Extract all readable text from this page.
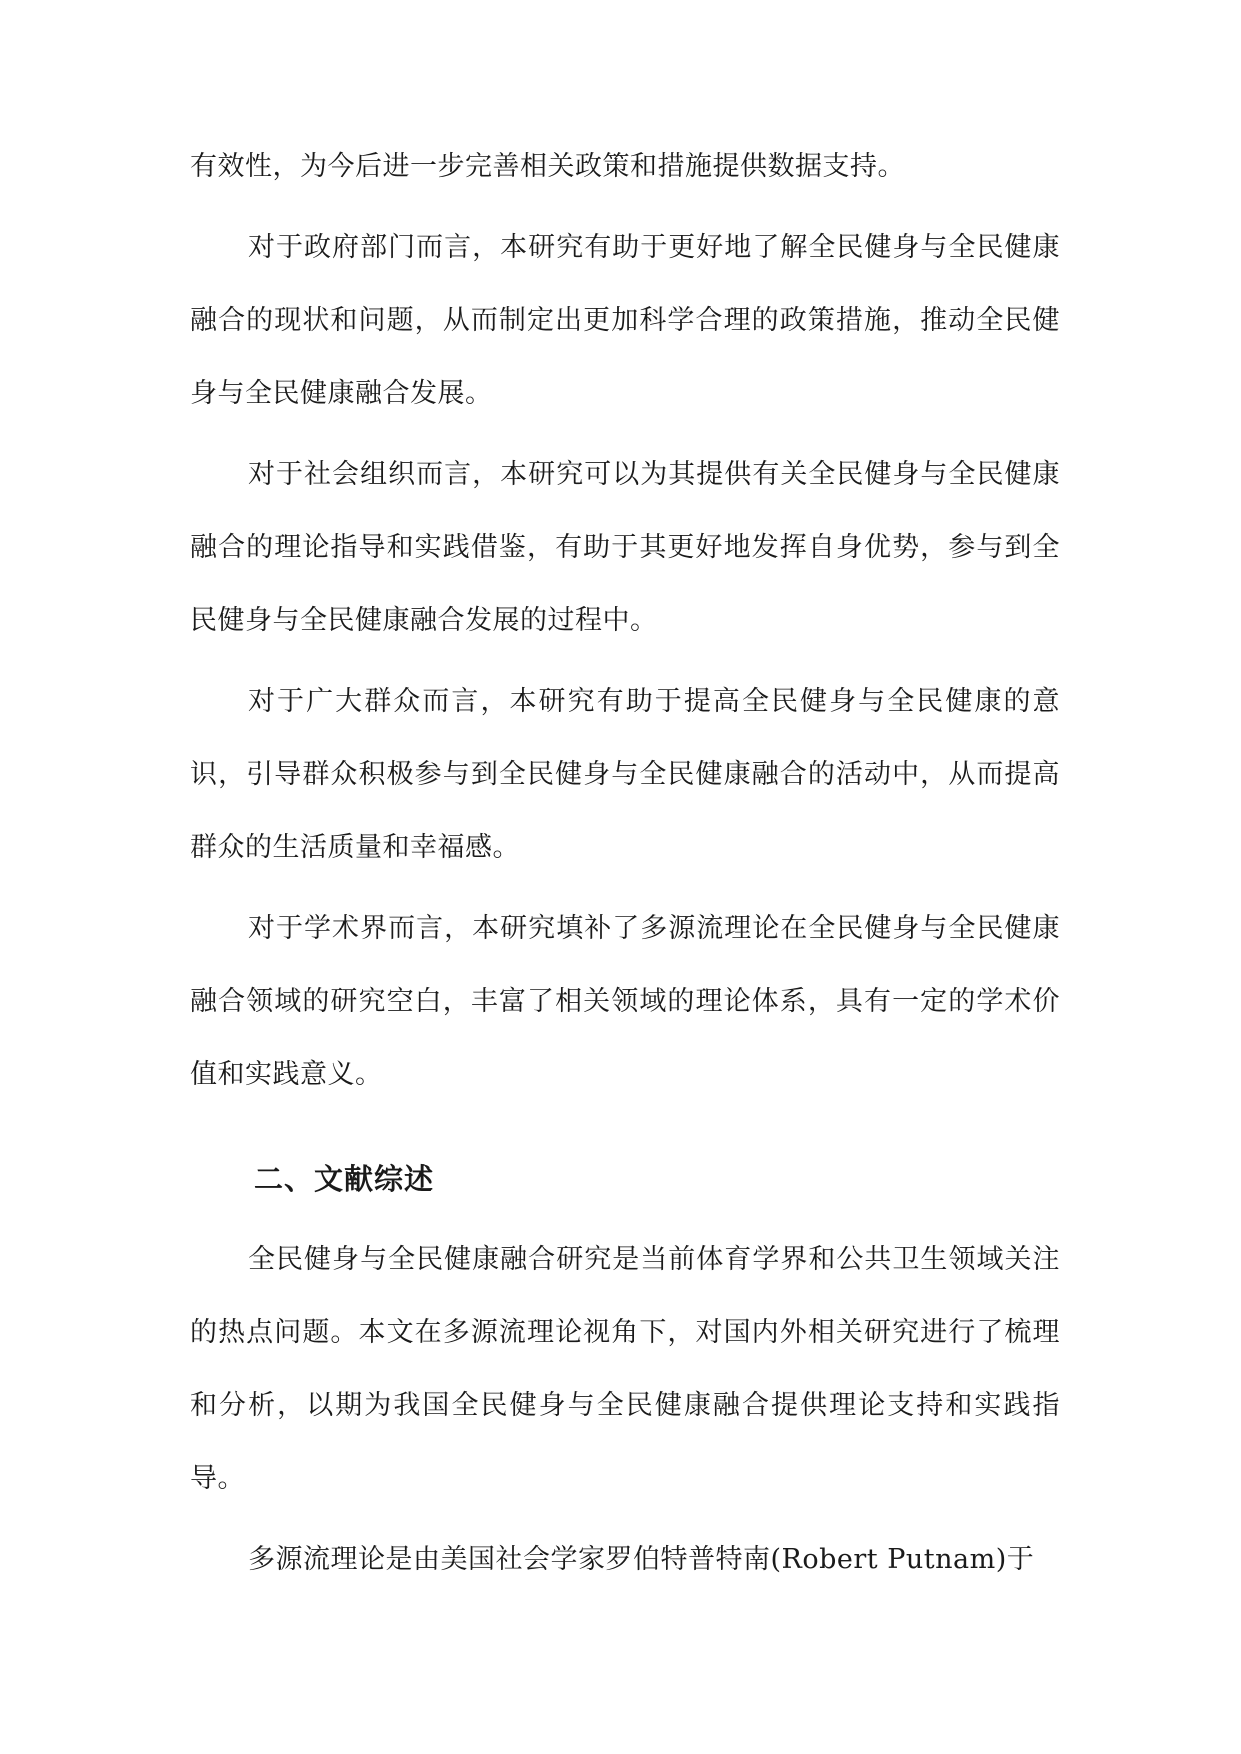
有效性，为今后进一步完善相关政策和措施提供数据支持。

对于政府部门而言，本研究有助于更好地了解全民健身与全民健康融合的现状和问题，从而制定出更加科学合理的政策措施，推动全民健身与全民健康融合发展。

对于社会组织而言，本研究可以为其提供有关全民健身与全民健康融合的理论指导和实践借鉴，有助于其更好地发挥自身优势，参与到全民健身与全民健康融合发展的过程中。

对于广大群众而言，本研究有助于提高全民健身与全民健康的意识，引导群众积极参与到全民健身与全民健康融合的活动中，从而提高群众的生活质量和幸福感。

对于学术界而言，本研究填补了多源流理论在全民健身与全民健康融合领域的研究空白，丰富了相关领域的理论体系，具有一定的学术价值和实践意义。

二、文献综述

全民健身与全民健康融合研究是当前体育学界和公共卫生领域关注的热点问题。本文在多源流理论视角下，对国内外相关研究进行了梳理和分析，以期为我国全民健身与全民健康融合提供理论支持和实践指导。

多源流理论是由美国社会学家罗伯特普特南(Robert Putnam)于
